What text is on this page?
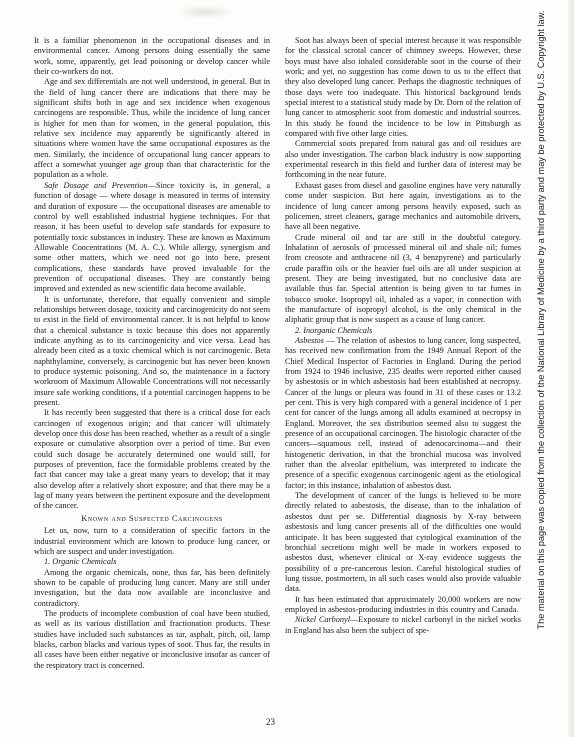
It is a familiar phenomenon in the occupational diseases and in environmental cancer. Among persons doing essentially the same work, some, apparently, get lead poisoning or develop cancer while their co-workers do not.

Age and sex differentials are not well understood, in general. But in the field of lung cancer there are indications that there may be significant shifts both in age and sex incidence when exogenous carcinogens are responsible. Thus, while the incidence of lung cancer is higher for men than for women, in the general population, this relative sex incidence may apparently be significantly altered in situations where women have the same occupational exposures as the men. Similarly, the incidence of occupational lung cancer appears to affect a somewhat younger age group than that characteristic for the population as a whole.

Safe Dosage and Prevention—Since toxicity is, in general, a function of dosage — where dosage is measured in terms of intensity and duration of exposure — the occupational diseases are amenable to control by well established industrial hygiene techniques. For that reason, it has been useful to develop safe standards for exposure to potentially toxic substances in industry. These are known as Maximum Allowable Concentrations (M. A. C.). While allergy, synergism and some other matters, which we need not go into here, present complications, these standards have proved invaluable for the prevention of occupational diseases. They are constantly being improved and extended as new scientific data become available.

It is unfortunate, therefore, that equally convenient and simple relationships between dosage, toxicity and carcinogenicity do not seem to exist in the field of environmental cancer. It is not helpful to know that a chemical substance is toxic because this does not apparently indicate anything as to its carcinogenicity and vice versa. Lead has already been cited as a toxic chemical which is not carcinogenic. Beta naphthylamine, conversely, is carcinogenic but has never been known to produce systemic poisoning. And so, the maintenance in a factory workroom of Maximum Allowable Concentrations will not necessarily insure safe working conditions, if a potential carcinogen happens to be present.

It has recently been suggested that there is a critical dose for each carcinogen of exogenous origin; and that cancer will ultimately develop once this dose has been reached, whether as a result of a single exposure or cumulative absorption over a period of time. But even could such dosage be accurately determined one would still, for purposes of prevention, face the formidable problems created by the fact that cancer may take a great many years to develop; that it may also develop after a relatively short exposure; and that there may be a lag of many years between the pertinent exposure and the development of the cancer.

Known and Suspected Carcinogens

Let us, now, turn to a consideration of specific factors in the industrial environment which are known to produce lung cancer, or which are suspect and under investigation.

1. Organic Chemicals

Among the organic chemicals, none, thus far, has been definitely shown to be capable of producing lung cancer. Many are still under investigation, but the data now available are inconclusive and contradictory.

The products of incomplete combustion of coal have been studied, as well as its various distillation and fractionation products. These studies have included such substances as tar, asphalt, pitch, oil, lamp blacks, carbon blacks and various types of soot. Thus far, the results in all cases have been either negative or inconclusive insofar as cancer of the respiratory tract is concerned.

Soot has always been of special interest because it was responsible for the classical scrotal cancer of chimney sweeps. However, these boys must have also inhaled considerable soot in the course of their work; and yet, no suggestion has come down to us to the effect that they also developed lung cancer. Perhaps the diagnostic techniques of those days were too inadequate. This historical background lends special interest to a statistical study made by Dr. Dorn of the relation of lung cancer to atmospheric soot from domestic and industrial sources. In this study he found the incidence to be low in Pittsburgh as compared with five other large cities.

Commercial soots prepared from natural gas and oil residues are also under investigation. The carbon black industry is now supporting experimental research in this field and further data of interest may be forthcoming in the near future.

Exhaust gases from diesel and gasoline engines have very naturally come under suspicion. But here again, investigations as to the incidence of lung cancer among persons heavily exposed, such as policemen, street cleaners, garage mechanics and automobile drivers, have all been negative.

Crude mineral oil and tar are still in the doubtful category. Inhalation of aerosols of processed mineral oil and shale oil; fumes from creosote and anthracene oil (3, 4 benzpyrene) and particularly crude paraffin oils or the heavier fuel oils are all under suspicion at present. They are being investigated, but no conclusive data are available thus far. Special attention is being given to tar fumes in tobacco smoke. Isopropyl oil, inhaled as a vapor, in connection with the manufacture of isopropyl alcohol, is the only chemical in the aliphatic group that is now suspect as a cause of lung cancer.

2. Inorganic Chemicals

Asbestos — The relation of asbestos to lung cancer, long suspected, has received new confirmation from the 1949 Annual Report of the Chief Medical Inspector of Factories in England. During the period from 1924 to 1946 inclusive, 235 deaths were reported either caused by asbestosis or in which asbestosis had been established at necropsy. Cancer of the lungs or pleura was found in 31 of these cases or 13.2 per cent. This is very high compared with a general incidence of 1 per cent for cancer of the lungs among all adults examined at necropsy in England. Moreover, the sex distribution seemed also to suggest the presence of an occupational carcinogen. The histologic character of the cancers—squamous cell, instead of adenocarcinoma—and their histogenetic derivation, in that the bronchial mucosa was involved rather than the alveolar epithelium, was interpreted to indicate the presence of a specific exogenous carcinogenic agent as the etiological factor; in this instance, inhalation of asbestos dust.

The development of cancer of the lungs is believed to be more directly related to asbestosis, the disease, than to the inhalation of asbestos dust per se. Differential diagnosis by X-ray between asbestosis and lung cancer presents all of the difficulties one would anticipate. It has been suggested that cytological examination of the bronchial secretions might well be made in workers exposed to asbestos dust, whenever clinical or X-ray evidence suggests the possibility of a pre-cancerous lesion. Careful histological studies of lung tissue, postmortem, in all such cases would also provide valuable data.

It has been estimated that approximately 20,000 workers are now employed in asbestos-producing industries in this country and Canada.

Nickel Carbonyl—Exposure to nickel carbonyl in the nickel works in England has also been the subject of spe-

23
The material on this page was copied from the collection of the National Library of Medicine by a third party and may be protected by U.S. Copyright law.
